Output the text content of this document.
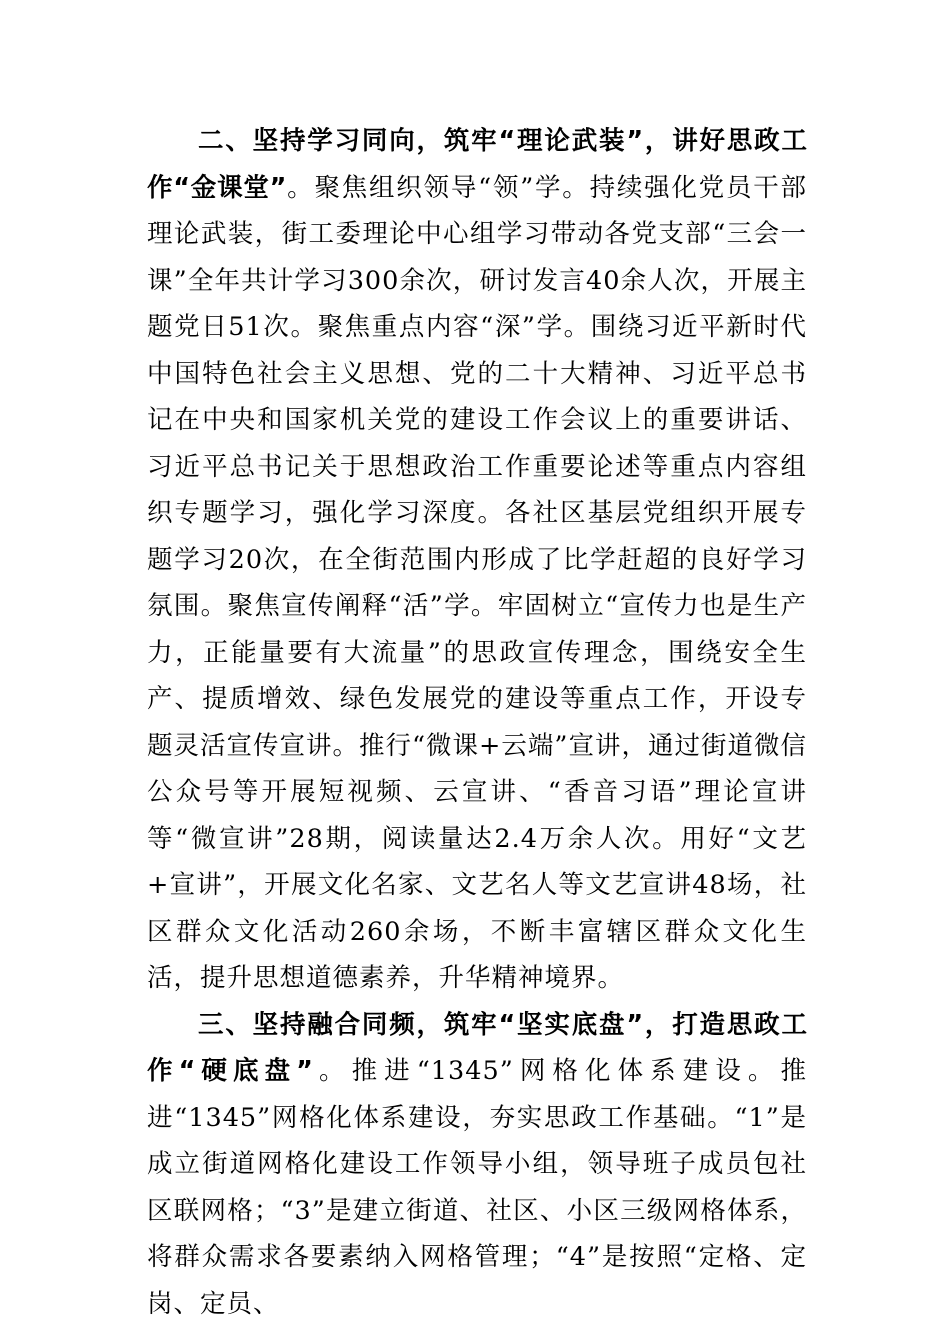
二、坚持学习同向，筑牢“理论武装”，讲好思政工作“金课堂”。聚焦组织领导“领”学。持续强化党员干部理论武装，街工委理论中心组学习带动各党支部“三会一课”全年共计学习300余次，研讨发言40余人次，开展主题党日51次。聚焦重点内容“深”学。围绕习近平新时代中国特色社会主义思想、党的二十大精神、习近平总书记在中央和国家机关党的建设工作会议上的重要讲话、习近平总书记关于思想政治工作重要论述等重点内容组织专题学习，强化学习深度。各社区基层党组织开展专题学习20次，在全街范围内形成了比学赶超的良好学习氛围。聚焦宣传阐释“活”学。牢固树立“宣传力也是生产力，正能量要有大流量”的思政宣传理念，围绕安全生产、提质增效、绿色发展党的建设等重点工作，开设专题灵活宣传宣讲。推行“微课+云端”宣讲，通过街道微信公众号等开展短视频、云宣讲、“香音习语”理论宣讲等“微宣讲”28期，阅读量达2.4万余人次。用好“文艺+宣讲”，开展文化名家、文艺名人等文艺宣讲48场，社区群众文化活动260余场，不断丰富辖区群众文化生活，提升思想道德素养，升华精神境界。

三、坚持融合同频，筑牢“坚实底盘”，打造思政工作“硬底盘”。推进“1345”网格化体系建设。推进“1345”网格化体系建设，夯实思政工作基础。“1”是成立街道网格化建设工作领导小组，领导班子成员包社区联网格；“3”是建立街道、社区、小区三级网格体系，将群众需求各要素纳入网格管理；“4”是按照“定格、定岗、定员、
